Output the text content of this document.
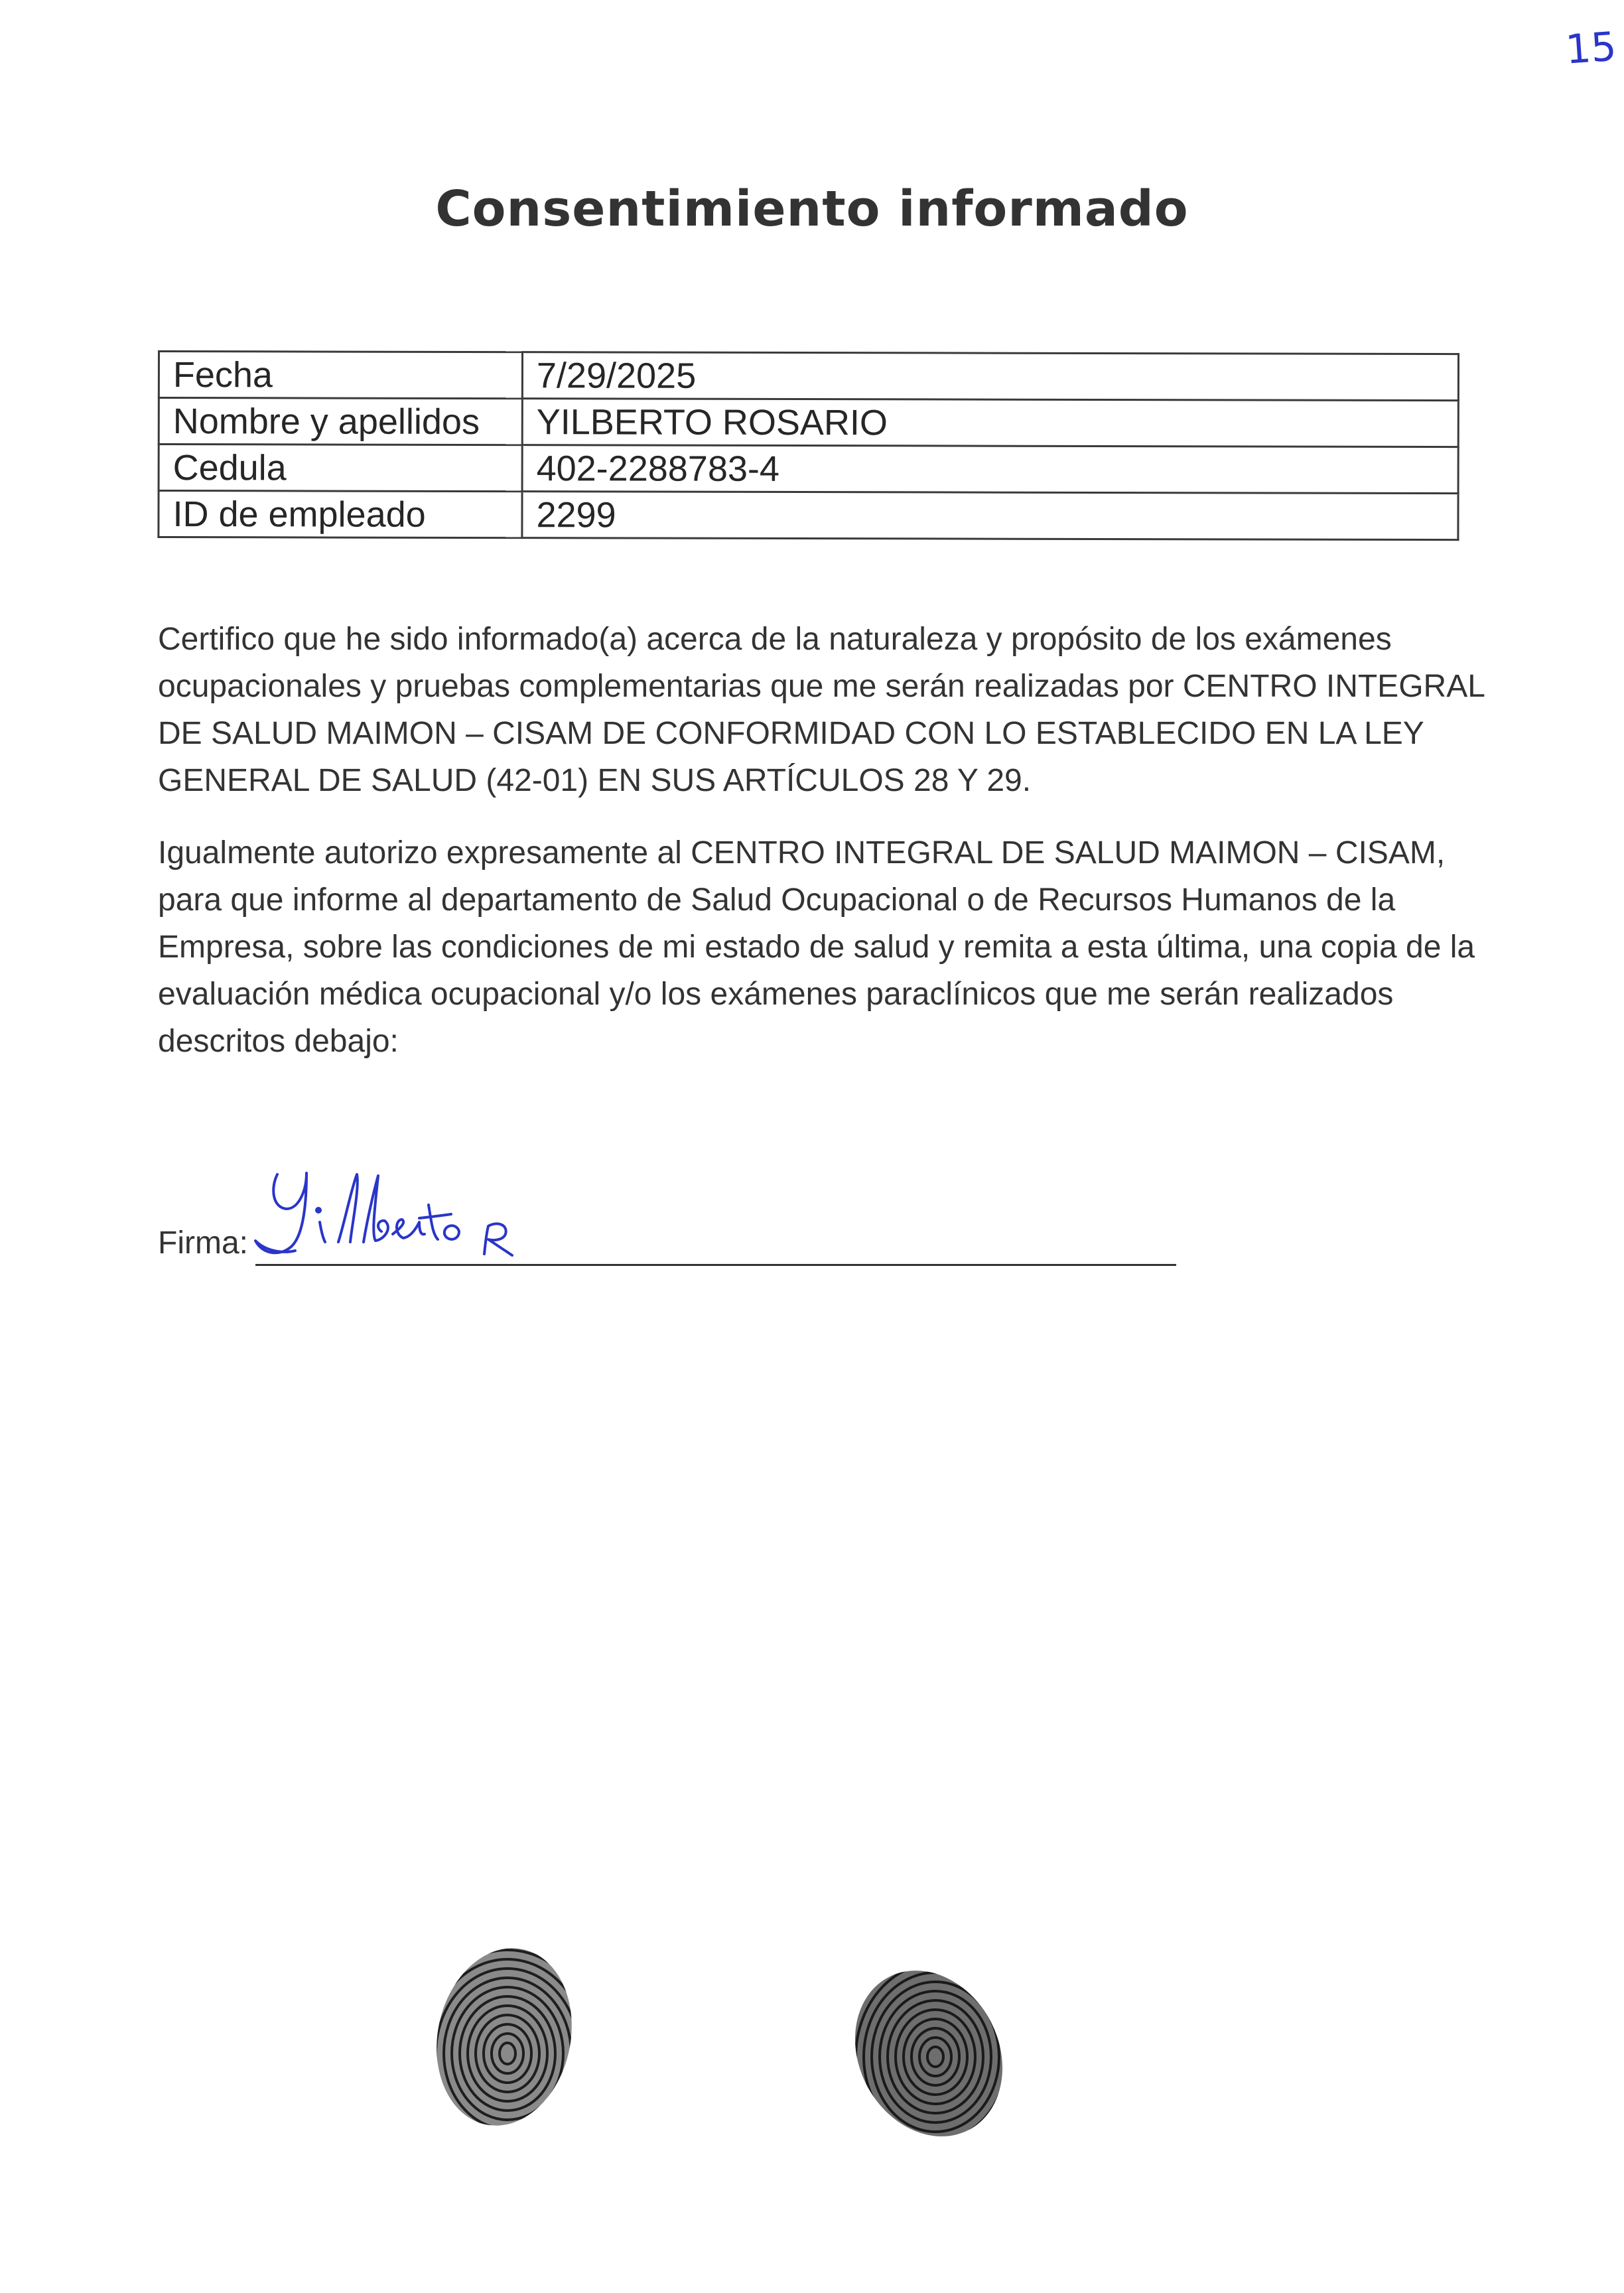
15
Consentimiento informado
Fecha	7/29/2025
Nombre y apellidos	YILBERTO ROSARIO
Cedula	402-2288783-4
ID de empleado	2299

Certifico que he sido informado(a) acerca de la naturaleza y propósito de los exámenes ocupacionales y pruebas complementarias que me serán realizadas por CENTRO INTEGRAL DE SALUD MAIMON – CISAM DE CONFORMIDAD CON LO ESTABLECIDO EN LA LEY GENERAL DE SALUD (42-01) EN SUS ARTÍCULOS 28 Y 29.

Igualmente autorizo expresamente al CENTRO INTEGRAL DE SALUD MAIMON – CISAM, para que informe al departamento de Salud Ocupacional o de Recursos Humanos de la Empresa, sobre las condiciones de mi estado de salud y remita a esta última, una copia de la evaluación médica ocupacional y/o los exámenes paraclínicos que me serán realizados descritos debajo:

Firma:
